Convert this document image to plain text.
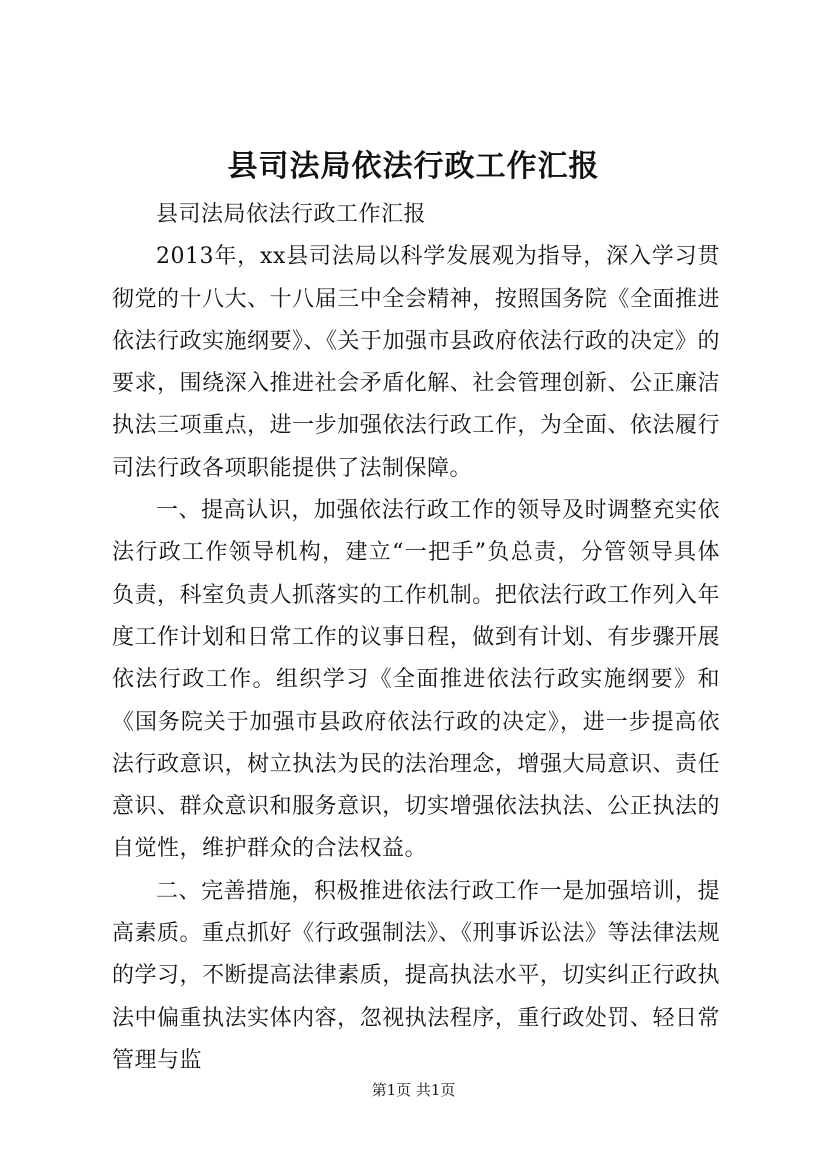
县司法局依法行政工作汇报

县司法局依法行政工作汇报

2013年，xx县司法局以科学发展观为指导，深入学习贯彻党的十八大、十八届三中全会精神，按照国务院《全面推进依法行政实施纲要》、《关于加强市县政府依法行政的决定》的要求，围绕深入推进社会矛盾化解、社会管理创新、公正廉洁执法三项重点，进一步加强依法行政工作，为全面、依法履行司法行政各项职能提供了法制保障。

一、提高认识，加强依法行政工作的领导及时调整充实依法行政工作领导机构，建立“一把手”负总责，分管领导具体负责，科室负责人抓落实的工作机制。把依法行政工作列入年度工作计划和日常工作的议事日程，做到有计划、有步骤开展依法行政工作。组织学习《全面推进依法行政实施纲要》和《国务院关于加强市县政府依法行政的决定》，进一步提高依法行政意识，树立执法为民的法治理念，增强大局意识、责任意识、群众意识和服务意识，切实增强依法执法、公正执法的自觉性，维护群众的合法权益。

二、完善措施，积极推进依法行政工作一是加强培训，提高素质。重点抓好《行政强制法》、《刑事诉讼法》等法律法规的学习，不断提高法律素质，提高执法水平，切实纠正行政执法中偏重执法实体内容，忽视执法程序，重行政处罚、轻日常管理与监

第1页 共1页
